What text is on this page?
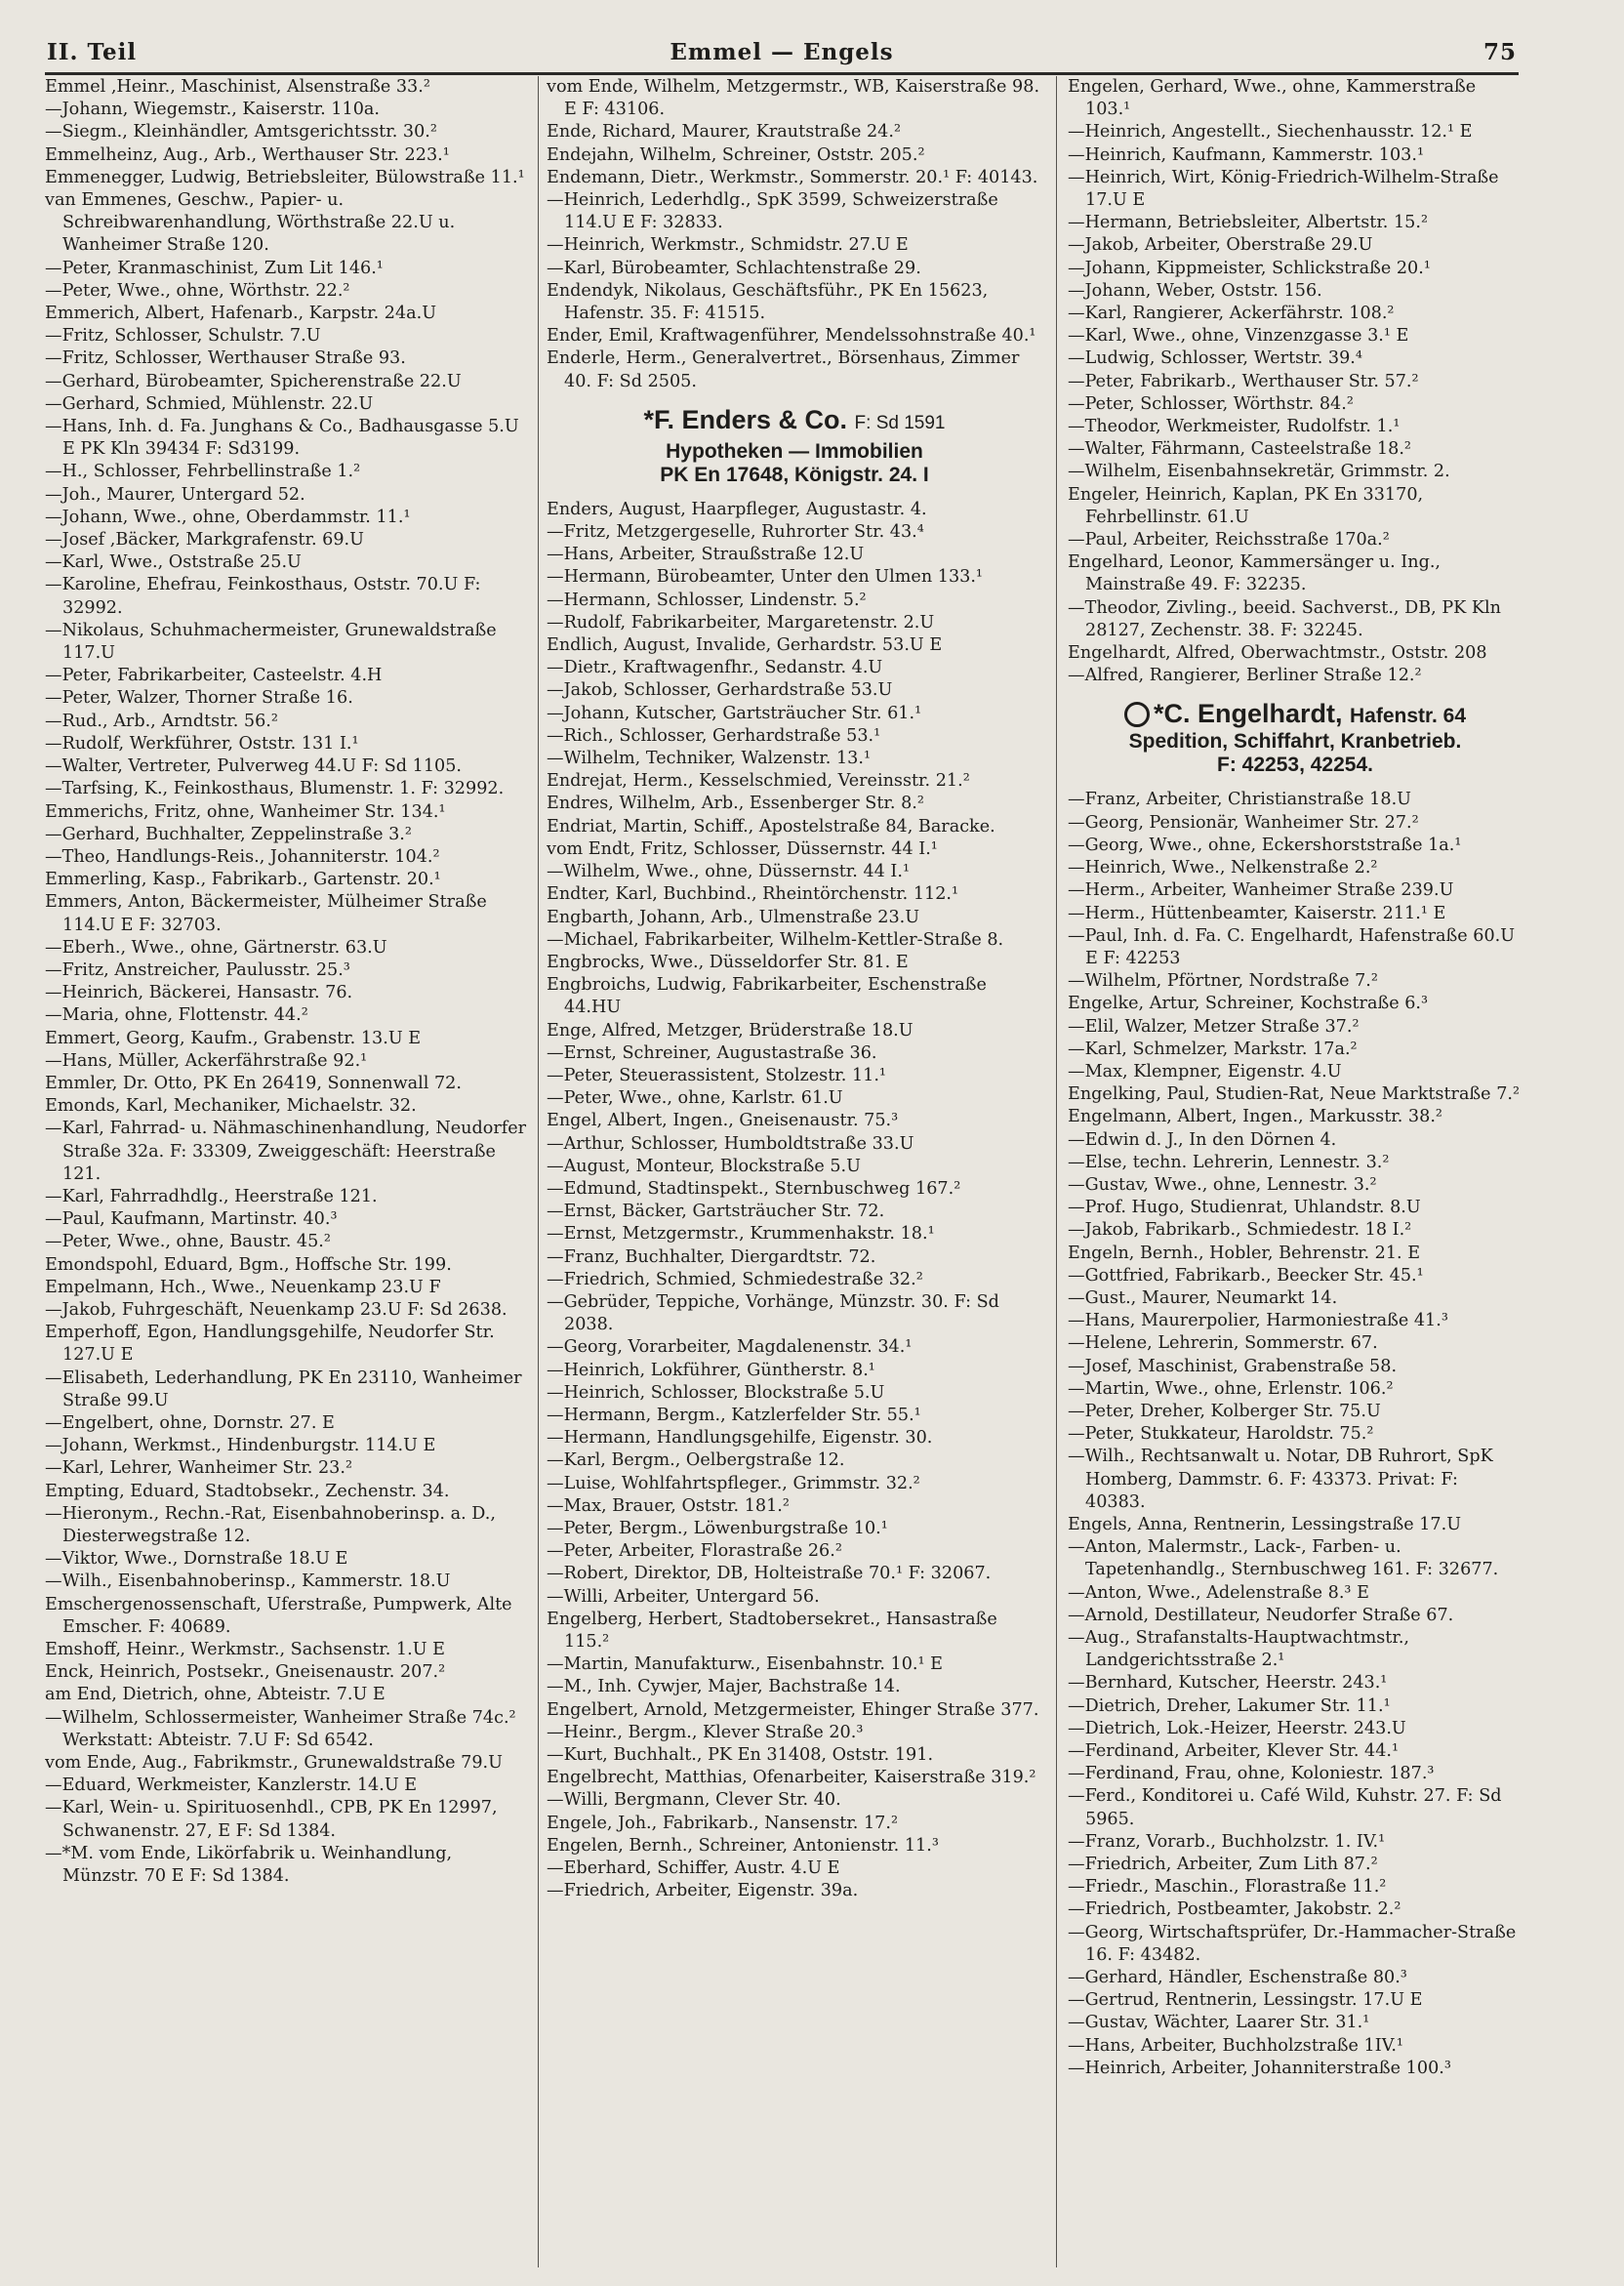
II. Teil	Emmel — Engels	75
Emmel ,Heinr., Maschinist, Alsenstraße 33.²
—Johann, Wiegemstr., Kaiserstr. 110a.
—Siegm., Kleinhändler, Amtsgerichtsstr. 30.²
Emmelheinz, Aug., Arb., Werthauser Str. 223.¹
Emmenegger, Ludwig, Betriebsleiter, Bülowstraße 11.¹
van Emmenes, Geschw., Papier- u. Schreibwarenhandlung, Wörthstraße 22.U u. Wanheimer Straße 120.
—Peter, Kranmaschinist, Zum Lit 146.¹
—Peter, Wwe., ohne, Wörthstr. 22.²
Emmerich, Albert, Hafenarb., Karpstr. 24a.U
—Fritz, Schlosser, Schulstr. 7.U
—Fritz, Schlosser, Werthauser Straße 93.
—Gerhard, Bürobeamter, Spicherenstraße 22.U
—Gerhard, Schmied, Mühlenstr. 22.U
—Hans, Inh. d. Fa. Junghans & Co., Badhausgasse 5.U E PK Kln 39434 F: Sd3199.
—H., Schlosser, Fehrbellinstraße 1.²
—Joh., Maurer, Untergard 52.
—Johann, Wwe., ohne, Oberdammstr. 11.¹
—Josef ,Bäcker, Markgrafenstr. 69.U
—Karl, Wwe., Oststraße 25.U
—Karoline, Ehefrau, Feinkosthaus, Oststr. 70.U F: 32992.
—Nikolaus, Schuhmachermeister, Grunewaldstraße 117.U
—Peter, Fabrikarbeiter, Casteelstr. 4.H
—Peter, Walzer, Thorner Straße 16.
—Rud., Arb., Arndtstr. 56.²
—Rudolf, Werkführer, Oststr. 131 I.¹
—Walter, Vertreter, Pulverweg 44.U F: Sd 1105.
—Tarfsing, K., Feinkosthaus, Blumenstr. 1. F: 32992.
Emmerichs, Fritz, ohne, Wanheimer Str. 134.¹
—Gerhard, Buchhalter, Zeppelinstraße 3.²
—Theo, Handlungs-Reis., Johanniterstr. 104.²
Emmerling, Kasp., Fabrikarb., Gartenstr. 20.¹
Emmers, Anton, Bäckermeister, Mülheimer Straße 114.U E F: 32703.
—Eberh., Wwe., ohne, Gärtnerstr. 63.U
—Fritz, Anstreicher, Paulusstr. 25.³
—Heinrich, Bäckerei, Hansastr. 76.
—Maria, ohne, Flottenstr. 44.²
Emmert, Georg, Kaufm., Grabenstr. 13.U E
—Hans, Müller, Ackerfährstraße 92.¹
Emmler, Dr. Otto, PK En 26419, Sonnenwall 72.
Emonds, Karl, Mechaniker, Michaelstr. 32.
—Karl, Fahrrad- u. Nähmaschinenhandlung, Neudorfer Straße 32a. F: 33309, Zweiggeschäft: Heerstraße 121.
—Karl, Fahrradhdlg., Heerstraße 121.
—Paul, Kaufmann, Martinstr. 40.³
—Peter, Wwe., ohne, Baustr. 45.²
Emondspohl, Eduard, Bgm., Hoffsche Str. 199.
Empelmann, Hch., Wwe., Neuenkamp 23.U F
—Jakob, Fuhrgeschäft, Neuenkamp 23.U F: Sd 2638.
Emperhoff, Egon, Handlungsgehilfe, Neudorfer Str. 127.U E
—Elisabeth, Lederhandlung, PK En 23110, Wanheimer Straße 99.U
—Engelbert, ohne, Dornstr. 27. E
—Johann, Werkmst., Hindenburgstr. 114.U E
—Karl, Lehrer, Wanheimer Str. 23.²
Empting, Eduard, Stadtobsekr., Zechenstr. 34.
—Hieronym., Rechn.-Rat, Eisenbahnoberinsp. a. D., Diesterwegstraße 12.
—Viktor, Wwe., Dornstraße 18.U E
—Wilh., Eisenbahnoberinsp., Kammerstr. 18.U
Emschergenossenschaft, Uferstraße, Pumpwerk, Alte Emscher. F: 40689.
Emshoff, Heinr., Werkmstr., Sachsenstr. 1.U E
Enck, Heinrich, Postsekr., Gneisenaustr. 207.²
am End, Dietrich, ohne, Abteistr. 7.U E
—Wilhelm, Schlossermeister, Wanheimer Straße 74c.² Werkstatt: Abteistr. 7.U F: Sd 6542.
vom Ende, Aug., Fabrikmstr., Grunewaldstraße 79.U
—Eduard, Werkmeister, Kanzlerstr. 14.U E
—Karl, Wein- u. Spirituosenhdl., CPB, PK En 12997, Schwanenstr. 27, E F: Sd 1384.
—*M. vom Ende, Likörfabrik u. Weinhandlung, Münzstr. 70 E F: Sd 1384.
vom Ende, Wilhelm, Metzgermstr., WB, Kaiserstraße 98. E F: 43106.
Ende, Richard, Maurer, Krautstraße 24.²
Endejahn, Wilhelm, Schreiner, Oststr. 205.²
Endemann, Dietr., Werkmstr., Sommerstr. 20.¹ F: 40143.
—Heinrich, Lederhdlg., SpK 3599, Schweizerstraße 114.U E F: 32833.
—Heinrich, Werkmstr., Schmidstr. 27.U E
—Karl, Bürobeamter, Schlachtenstraße 29.
Endendyk, Nikolaus, Geschäftsführ., PK En 15623, Hafenstr. 35. F: 41515.
Ender, Emil, Kraftwagenführer, Mendelssohnstraße 40.¹
Enderle, Herm., Generalvertret., Börsenhaus, Zimmer 40. F: Sd 2505.
*F. Enders & Co. F: Sd 1591
Hypotheken — Immobilien
PK En 17648, Königstr. 24. I
Enders, August, Haarpfleger, Augustastr. 4.
—Fritz, Metzgergeselle, Ruhrorter Str. 43.⁴
—Hans, Arbeiter, Straußstraße 12.U
—Hermann, Bürobeamter, Unter den Ulmen 133.¹
—Hermann, Schlosser, Lindenstr. 5.²
—Rudolf, Fabrikarbeiter, Margaretenstr. 2.U
Endlich, August, Invalide, Gerhardstr. 53.U E
—Dietr., Kraftwagenfhr., Sedanstr. 4.U
—Jakob, Schlosser, Gerhardstraße 53.U
—Johann, Kutscher, Gartsträucher Str. 61.¹
—Rich., Schlosser, Gerhardstraße 53.¹
—Wilhelm, Techniker, Walzenstr. 13.¹
Endrejat, Herm., Kesselschmied, Vereinsstr. 21.²
Endres, Wilhelm, Arb., Essenberger Str. 8.²
Endriat, Martin, Schiff., Apostelstraße 84, Baracke.
vom Endt, Fritz, Schlosser, Düssernstr. 44 I.¹
—Wilhelm, Wwe., ohne, Düssernstr. 44 I.¹
Endter, Karl, Buchbind., Rheintörchenstr. 112.¹
Engbarth, Johann, Arb., Ulmenstraße 23.U
—Michael, Fabrikarbeiter, Wilhelm-Kettler-Straße 8.
Engbrocks, Wwe., Düsseldorfer Str. 81. E
Engbroichs, Ludwig, Fabrikarbeiter, Eschenstraße 44.HU
Enge, Alfred, Metzger, Brüderstraße 18.U
—Ernst, Schreiner, Augustastraße 36.
—Peter, Steuerassistent, Stolzestr. 11.¹
—Peter, Wwe., ohne, Karlstr. 61.U
Engel, Albert, Ingen., Gneisenaustr. 75.³
—Arthur, Schlosser, Humboldtstraße 33.U
—August, Monteur, Blockstraße 5.U
—Edmund, Stadtinspekt., Sternbuschweg 167.²
—Ernst, Bäcker, Gartsträucher Str. 72.
—Ernst, Metzgermstr., Krummenhakstr. 18.¹
—Franz, Buchhalter, Diergardtstr. 72.
—Friedrich, Schmied, Schmiedestraße 32.²
—Gebrüder, Teppiche, Vorhänge, Münzstr. 30. F: Sd 2038.
—Georg, Vorarbeiter, Magdalenenstr. 34.¹
—Heinrich, Lokführer, Güntherstr. 8.¹
—Heinrich, Schlosser, Blockstraße 5.U
—Hermann, Bergm., Katzlerfelder Str. 55.¹
—Hermann, Handlungsgehilfe, Eigenstr. 30.
—Karl, Bergm., Oelbergstraße 12.
—Luise, Wohlfahrtspfleger., Grimmstr. 32.²
—Max, Brauer, Oststr. 181.²
—Peter, Bergm., Löwenburgstraße 10.¹
—Peter, Arbeiter, Florastraße 26.²
—Robert, Direktor, DB, Holteistraße 70.¹ F: 32067.
—Willi, Arbeiter, Untergard 56.
Engelberg, Herbert, Stadtobersekret., Hansastraße 115.²
—Martin, Manufakturw., Eisenbahnstr. 10.¹ E
—M., Inh. Cywjer, Majer, Bachstraße 14.
Engelbert, Arnold, Metzgermeister, Ehinger Straße 377.
—Heinr., Bergm., Klever Straße 20.³
—Kurt, Buchhalt., PK En 31408, Oststr. 191.
Engelbrecht, Matthias, Ofenarbeiter, Kaiserstraße 319.²
—Willi, Bergmann, Clever Str. 40.
Engele, Joh., Fabrikarb., Nansenstr. 17.²
Engelen, Bernh., Schreiner, Antonienstr. 11.³
—Eberhard, Schiffer, Austr. 4.U E
—Friedrich, Arbeiter, Eigenstr. 39a.
Engelen, Gerhard, Wwe., ohne, Kammerstraße 103.¹
—Heinrich, Angestellt., Siechenhausstr. 12.¹ E
—Heinrich, Kaufmann, Kammerstr. 103.¹
—Heinrich, Wirt, König-Friedrich-Wilhelm-Straße 17.U E
—Hermann, Betriebsleiter, Albertstr. 15.²
—Jakob, Arbeiter, Oberstraße 29.U
—Johann, Kippmeister, Schlickstraße 20.¹
—Johann, Weber, Oststr. 156.
—Karl, Rangierer, Ackerfährstr. 108.²
—Karl, Wwe., ohne, Vinzenzgasse 3.¹ E
—Ludwig, Schlosser, Wertstr. 39.⁴
—Peter, Fabrikarb., Werthauser Str. 57.²
—Peter, Schlosser, Wörthstr. 84.²
—Theodor, Werkmeister, Rudolfstr. 1.¹
—Walter, Fährmann, Casteelstraße 18.²
—Wilhelm, Eisenbahnsekretär, Grimmstr. 2.
Engeler, Heinrich, Kaplan, PK En 33170, Fehrbellinstr. 61.U
—Paul, Arbeiter, Reichsstraße 170a.²
Engelhard, Leonor, Kammersänger u. Ing., Mainstraße 49. F: 32235.
—Theodor, Zivling., beeid. Sachverst., DB, PK Kln 28127, Zechenstr. 38. F: 32245.
Engelhardt, Alfred, Oberwachtmstr., Oststr. 208
—Alfred, Rangierer, Berliner Straße 12.²
*C. Engelhardt, Hafenstr. 64
Spedition, Schiffahrt, Kranbetrieb.
F: 42253, 42254.
—Franz, Arbeiter, Christianstraße 18.U
—Georg, Pensionär, Wanheimer Str. 27.²
—Georg, Wwe., ohne, Eckershorststraße 1a.¹
—Heinrich, Wwe., Nelkenstraße 2.²
—Herm., Arbeiter, Wanheimer Straße 239.U
—Herm., Hüttenbeamter, Kaiserstr. 211.¹ E
—Paul, Inh. d. Fa. C. Engelhardt, Hafenstraße 60.U E F: 42253
—Wilhelm, Pförtner, Nordstraße 7.²
Engelke, Artur, Schreiner, Kochstraße 6.³
—Elil, Walzer, Metzer Straße 37.²
—Karl, Schmelzer, Markstr. 17a.²
—Max, Klempner, Eigenstr. 4.U
Engelking, Paul, Studien-Rat, Neue Marktstraße 7.²
Engelmann, Albert, Ingen., Markusstr. 38.²
—Edwin d. J., In den Dörnen 4.
—Else, techn. Lehrerin, Lennestr. 3.²
—Gustav, Wwe., ohne, Lennestr. 3.²
—Prof. Hugo, Studienrat, Uhlandstr. 8.U
—Jakob, Fabrikarb., Schmiedestr. 18 I.²
Engeln, Bernh., Hobler, Behrenstr. 21. E
—Gottfried, Fabrikarb., Beecker Str. 45.¹
—Gust., Maurer, Neumarkt 14.
—Hans, Maurerpolier, Harmoniestraße 41.³
—Helene, Lehrerin, Sommerstr. 67.
—Josef, Maschinist, Grabenstraße 58.
—Martin, Wwe., ohne, Erlenstr. 106.²
—Peter, Dreher, Kolberger Str. 75.U
—Peter, Stukkateur, Haroldstr. 75.²
—Wilh., Rechtsanwalt u. Notar, DB Ruhrort, SpK Homberg, Dammstr. 6. F: 43373. Privat: F: 40383.
Engels, Anna, Rentnerin, Lessingstraße 17.U
—Anton, Malermstr., Lack-, Farben- u. Tapetenhandlg., Sternbuschweg 161. F: 32677.
—Anton, Wwe., Adelenstraße 8.³ E
—Arnold, Destillateur, Neudorfer Straße 67.
—Aug., Strafanstalts-Hauptwachtmstr., Landgerichtsstraße 2.¹
—Bernhard, Kutscher, Heerstr. 243.¹
—Dietrich, Dreher, Lakumer Str. 11.¹
—Dietrich, Lok.-Heizer, Heerstr. 243.U
—Ferdinand, Arbeiter, Klever Str. 44.¹
—Ferdinand, Frau, ohne, Koloniestr. 187.³
—Ferd., Konditorei u. Café Wild, Kuhstr. 27. F: Sd 5965.
—Franz, Vorarb., Buchholzstr. 1. IV.¹
—Friedrich, Arbeiter, Zum Lith 87.²
—Friedr., Maschin., Florastraße 11.²
—Friedrich, Postbeamter, Jakobstr. 2.²
—Georg, Wirtschaftsprüfer, Dr.-Hammacher-Straße 16. F: 43482.
—Gerhard, Händler, Eschenstraße 80.³
—Gertrud, Rentnerin, Lessingstr. 17.U E
—Gustav, Wächter, Laarer Str. 31.¹
—Hans, Arbeiter, Buchholzstraße 1IV.¹
—Heinrich, Arbeiter, Johanniterstraße 100.³
